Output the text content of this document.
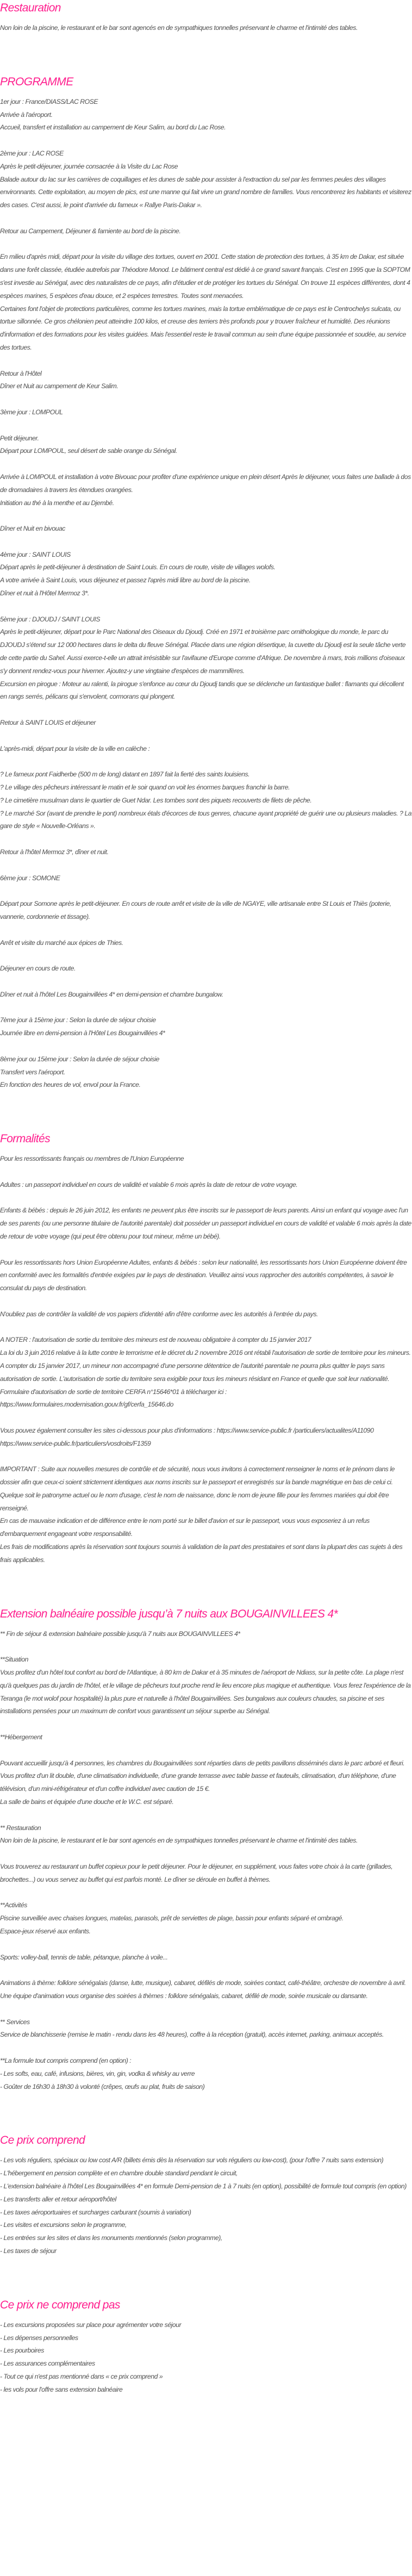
Restauration
Non loin de la piscine, le restaurant et le bar sont agencés en de sympathiques tonnelles préservant le charme et l'intimité des tables.
PROGRAMME
1er jour : France/DIASS/LAC ROSE
Arrivée à l'aéroport.
Accueil, transfert et installation au campement de Keur Salim, au bord du Lac Rose.
2ème jour : LAC ROSE
Après le petit-déjeuner, journée consacrée à la Visite du Lac Rose
Balade autour du lac sur les carrières de coquillages et les dunes de sable pour assister à l'extraction du sel par les femmes peules des villages environnants. Cette exploitation, au moyen de pics, est une manne qui fait vivre un grand nombre de familles. Vous rencontrerez les habitants et visiterez des cases. C'est aussi, le point d'arrivée du fameux « Rallye Paris-Dakar ».
Retour au Campement, Déjeuner & farniente au bord de la piscine.
En milieu d'après midi, départ pour la visite du village des tortues, ouvert en 2001. Cette station de protection des tortues, à 35 km de Dakar, est située dans une forêt classée, étudiée autrefois par Théodore Monod. Le bâtiment central est dédié à ce grand savant français. C'est en 1995 que la SOPTOM s'est investie au Sénégal, avec des naturalistes de ce pays, afin d'étudier et de protéger les tortues du Sénégal. On trouve 11 espèces différentes, dont 4 espèces marines, 5 espèces d'eau douce, et 2 espèces terrestres. Toutes sont menacées.
Certaines font l'objet de protections particulières, comme les tortues marines, mais la tortue emblématique de ce pays est le Centrochelys sulcata, ou tortue sillonnée. Ce gros chélonien peut atteindre 100 kilos, et creuse des terriers très profonds pour y trouver fraîcheur et humidité. Des réunions d'information et des formations pour les visites guidées. Mais l'essentiel reste le travail commun au sein d'une équipe passionnée et soudée, au service des tortues.
Retour à l'Hôtel
Dîner et Nuit au campement de Keur Salim.
3ème jour : LOMPOUL
Petit déjeuner.
Départ pour LOMPOUL, seul désert de sable orange du Sénégal.
Arrivée à LOMPOUL et installation à votre Bivouac pour profiter d'une expérience unique en plein désert Après le déjeuner, vous faites une ballade à dos de dromadaires à travers les étendues orangées.
Initiation au thé à la menthe et au Djembé.
Dîner et Nuit en bivouac
4ème jour : SAINT LOUIS
Départ après le petit-déjeuner à destination de Saint Louis. En cours de route, visite de villages wolofs.
A votre arrivée à Saint Louis, vous déjeunez et passez l'après midi libre au bord de la piscine.
Dîner et nuit à l'Hôtel Mermoz 3*.
5ème jour : DJOUDJ / SAINT LOUIS
Après le petit-déjeuner, départ pour le Parc National des Oiseaux du Djoudj. Créé en 1971 et troisième parc ornithologique du monde, le parc du DJOUDJ s'étend sur 12 000 hectares dans le delta du fleuve Sénégal. Placée dans une région désertique, la cuvette du Djoudj est la seule tâche verte de cette partie du Sahel. Aussi exerce-t-elle un attrait irrésistible sur l'avifaune d'Europe comme d'Afrique. De novembre à mars, trois millions d'oiseaux s'y donnent rendez-vous pour hiverner. Ajoutez-y une vingtaine d'espèces de mammifères.
Excursion en pirogue : Moteur au ralenti, la pirogue s'enfonce au cœur du Djoudj tandis que se déclenche un fantastique ballet : flamants qui décollent en rangs serrés, pélicans qui s'envolent, cormorans qui plongent.
Retour à SAINT LOUIS et déjeuner
L'après-midi, départ pour la visite de la ville en calèche :
? Le fameux pont Faidherbe (500 m de long) datant en 1897 fait la fierté des saints louisiens.
? Le village des pêcheurs intéressant le matin et le soir quand on voit les énormes barques franchir la barre.
? Le cimetière musulman dans le quartier de Guet Ndar. Les tombes sont des piquets recouverts de filets de pêche.
? Le marché Sor (avant de prendre le pont) nombreux étals d'écorces de tous genres, chacune ayant propriété de guérir une ou plusieurs maladies. ? La gare de style « Nouvelle-Orléans ».
Retour à l'hôtel Mermoz 3*, dîner et nuit.
6ème jour : SOMONE
Départ pour Somone après le petit-déjeuner. En cours de route arrêt et visite de la ville de NGAYE, ville artisanale entre St Louis et Thiès (poterie, vannerie, cordonnerie et tissage).
Arrêt et visite du marché aux épices de Thies.
Déjeuner en cours de route.
Dîner et nuit à l'hôtel Les Bougainvillées 4* en demi-pension et chambre bungalow.
7ème jour à 15ème jour : Selon la durée de séjour choisie
Journée libre en demi-pension à l'Hôtel Les Bougainvillées 4*
8ème jour ou 15ème jour : Selon la durée de séjour choisie
Transfert vers l'aéroport.
En fonction des heures de vol, envol pour la France.
Formalités
Pour les ressortissants français ou membres de l'Union Européenne
Adultes : un passeport individuel en cours de validité et valable 6 mois après la date de retour de votre voyage.
Enfants & bébés : depuis le 26 juin 2012, les enfants ne peuvent plus être inscrits sur le passeport de leurs parents. Ainsi un enfant qui voyage avec l'un de ses parents (ou une personne titulaire de l'autorité parentale) doit posséder un passeport individuel en cours de validité et valable 6 mois après la date de retour de votre voyage (qui peut être obtenu pour tout mineur, même un bébé).
Pour les ressortissants hors Union Européenne Adultes, enfants & bébés : selon leur nationalité, les ressortissants hors Union Européenne doivent être en conformité avec les formalités d'entrée exigées par le pays de destination. Veuillez ainsi vous rapprocher des autorités compétentes, à savoir le consulat du pays de destination.
N'oubliez pas de contrôler la validité de vos papiers d'identité afin d'être conforme avec les autorités à l'entrée du pays.
A NOTER : l'autorisation de sortie du territoire des mineurs est de nouveau obligatoire à compter du 15 janvier 2017
La loi du 3 juin 2016 relative à la lutte contre le terrorisme et le décret du 2 novembre 2016 ont rétabli l'autorisation de sortie de territoire pour les mineurs. A compter du 15 janvier 2017, un mineur non accompagné d'une personne détentrice de l'autorité parentale ne pourra plus quitter le pays sans autorisation de sortie. L'autorisation de sortie du territoire sera exigible pour tous les mineurs résidant en France et quelle que soit leur nationalité.
Formulaire d'autorisation de sortie de territoire CERFA n°15646*01 à télécharger ici :
https://www.formulaires.modernisation.gouv.fr/gf/cerfa_15646.do
Vous pouvez également consulter les sites ci-dessous pour plus d'informations : https://www.service-public.fr /particuliers/actualites/A11090 https://www.service-public.fr/particuliers/vosdroits/F1359
IMPORTANT : Suite aux nouvelles mesures de contrôle et de sécurité, nous vous invitons à correctement renseigner le noms et le prénom dans le dossier afin que ceux-ci soient strictement identiques aux noms inscrits sur le passeport et enregistrés sur la bande magnétique en bas de celui ci. Quelque soit le patronyme actuel ou le nom d'usage, c'est le nom de naissance, donc le nom de jeune fille pour les femmes mariées qui doit être renseigné.
En cas de mauvaise indication et de différence entre le nom porté sur le billet d'avion et sur le passeport, vous vous exposeriez à un refus d'embarquement engageant votre responsabilité.
Les frais de modifications après la réservation sont toujours soumis à validation de la part des prestataires et sont dans la plupart des cas sujets à des frais applicables.
Extension balnéaire possible jusqu’à 7 nuits aux BOUGAINVILLEES 4*
** Fin de séjour & extension balnéaire possible jusqu'à 7 nuits aux BOUGAINVILLEES 4*
**Situation
Vous profitez d'un hôtel tout confort au bord de l'Atlantique, à 80 km de Dakar et à 35 minutes de l'aéroport de Ndiass, sur la petite côte. La plage n'est qu'à quelques pas du jardin de l'hôtel, et le village de pêcheurs tout proche rend le lieu encore plus magique et authentique. Vous ferez l'expérience de la Teranga (le mot wolof pour hospitalité) la plus pure et naturelle à l'hôtel Bougainvillées. Ses bungalows aux couleurs chaudes, sa piscine et ses installations pensées pour un maximum de confort vous garantissent un séjour superbe au Sénégal.
**Hébergement
Pouvant accueillir jusqu'à 4 personnes, les chambres du Bougainvillées sont réparties dans de petits pavillons disséminés dans le parc arboré et fleuri.
Vous profitez d'un lit double, d'une climatisation individuelle, d'une grande terrasse avec table basse et fauteuils, climatisation, d'un téléphone, d'une télévision, d'un mini-réfrigérateur et d'un coffre individuel avec caution de 15 €.
La salle de bains et équipée d'une douche et le W.C. est séparé.
** Restauration
Non loin de la piscine, le restaurant et le bar sont agencés en de sympathiques tonnelles préservant le charme et l'intimité des tables.
Vous trouverez au restaurant un buffet copieux pour le petit déjeuner. Pour le déjeuner, en supplément, vous faites votre choix à la carte (grillades, brochettes...) ou vous servez au buffet qui est parfois monté. Le dîner se déroule en buffet à thèmes.
**Activités
Piscine surveillée avec chaises longues, matelas, parasols, prêt de serviettes de plage, bassin pour enfants séparé et ombragé.
Espace-jeux réservé aux enfants.
Sports: volley-ball, tennis de table, pétanque, planche à voile...
Animations à thème: folklore sénégalais (danse, lutte, musique), cabaret, défilés de mode, soirées contact, café-théâtre, orchestre de novembre à avril.
Une équipe d'animation vous organise des soirées à thèmes : folklore sénégalais, cabaret, défilé de mode, soirée musicale ou dansante.
** Services
Service de blanchisserie (remise le matin - rendu dans les 48 heures), coffre à la réception (gratuit), accès internet, parking, animaux acceptés.
**La formule tout compris comprend (en option) :
- Les softs, eau, café, infusions, bières, vin, gin, vodka & whisky au verre
- Goûter de 16h30 à 18h30 à volonté (crêpes, œufs au plat, fruits de saison)
Ce prix comprend
- Les vols réguliers, spéciaux ou low cost A/R (billets émis dès la réservation sur vols réguliers ou low-cost), (pour l'offre 7 nuits sans extension)
- L'hébergement en pension complète et en chambre double standard pendant le circuit,
- L'extension balnéaire à l'hôtel Les Bougainvillées 4* en formule Demi-pension de 1 à 7 nuits (en option), possibilité de formule tout compris (en option)
- Les transferts aller et retour aéroport/hôtel
- Les taxes aéroportuaires et surcharges carburant (soumis à variation)
- Les visites et excursions selon le programme,
- Les entrées sur les sites et dans les monuments mentionnés (selon programme),
- Les taxes de séjour
Ce prix ne comprend pas
- Les excursions proposées sur place pour agrémenter votre séjour
- Les dépenses personnelles
- Les pourboires
- Les assurances complémentaires
- Tout ce qui n'est pas mentionné dans « ce prix comprend »
- les vols pour l'offre sans extension balnéaire
